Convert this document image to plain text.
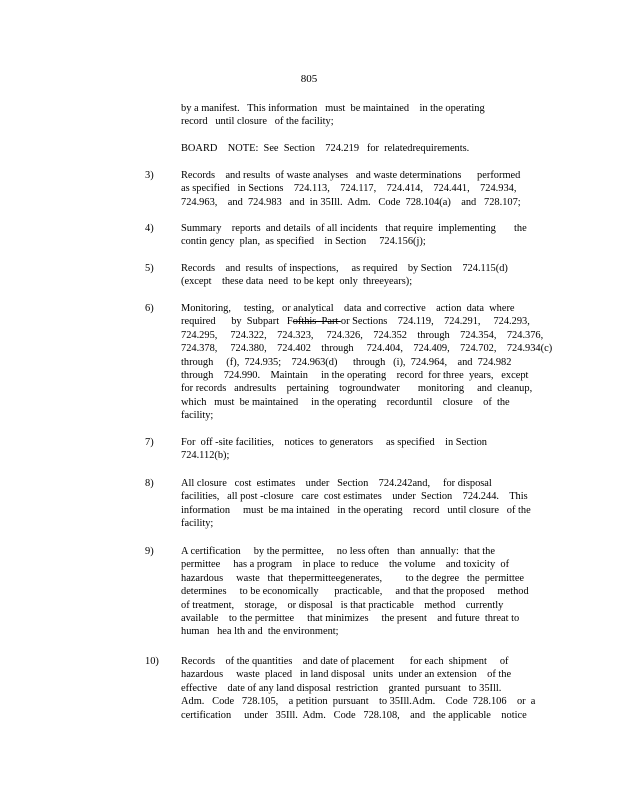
805
by a manifest.   This information   must  be maintained    in the operating
record   until closure   of the facility;
BOARD    NOTE:  See  Section    724.219   for  relatedrequirements.
3)	Records    and results  of waste analyses   and waste determinations      performed
as specified   in Sections    724.113,    724.117,    724.414,    724.441,    724.934,
724.963,    and  724.983   and  in 35Ill.  Adm.   Code  728.104(a)    and   728.107;
4)	Summary    reports  and details  of all incidents   that require  implementing       the
contin gency  plan,  as specified    in Section     724.156(j);
5)	Records    and  results  of inspections,     as required    by Section    724.115(d)
(except    these data  need  to be kept  only  threeyears);
6)	Monitoring,     testing,   or analytical    data  and corrective    action  data  where
required      by  Subpart   Fofthis  Part or Sections    724.119,    724.291,     724.293,
724.295,     724.322,    724.323,     724.326,    724.352    through    724.354,    724.376,
724.378,     724.380,    724.402    through     724.404,    724.409,    724.702,    724.934(c)
through     (f),  724.935;    724.963(d)      through   (i),  724.964,    and  724.982
through    724.990.    Maintain     in the operating    record  for three  years,   except
for records   andresults    pertaining    togroundwater       monitoring     and  cleanup,
which   must  be maintained     in the operating    recorduntil    closure    of  the
facility;
7)	For  off -site facilities,    notices  to generators     as specified    in Section
724.112(b);
8)	All closure   cost  estimates    under   Section    724.242and,     for disposal
facilities,   all post -closure   care  cost estimates    under  Section    724.244.    This
information     must  be ma intained   in the operating    record   until closure   of the
facility;
9)	A certification     by the permittee,     no less often   than  annually:  that the
permittee     has a program    in place  to reduce    the volume    and toxicity  of
hazardous     waste   that  thepermitteegenerates,         to the degree   the  permittee
determines     to be economically      practicable,     and that the proposed     method
of treatment,    storage,    or disposal   is that practicable    method    currently
available    to the permittee     that minimizes     the present    and future  threat to
human   hea lth and  the environment;
10) Records    of the quantities    and date of placement      for each  shipment     of
hazardous     waste  placed   in land disposal   units  under an extension    of the
effective    date of any land disposal  restriction    granted  pursuant   to 35Ill.
Adm.   Code   728.105,    a petition  pursuant    to 35Ill.Adm.    Code  728.106    or  a
certification     under   35Ill.  Adm.   Code   728.108,    and   the applicable    notice
